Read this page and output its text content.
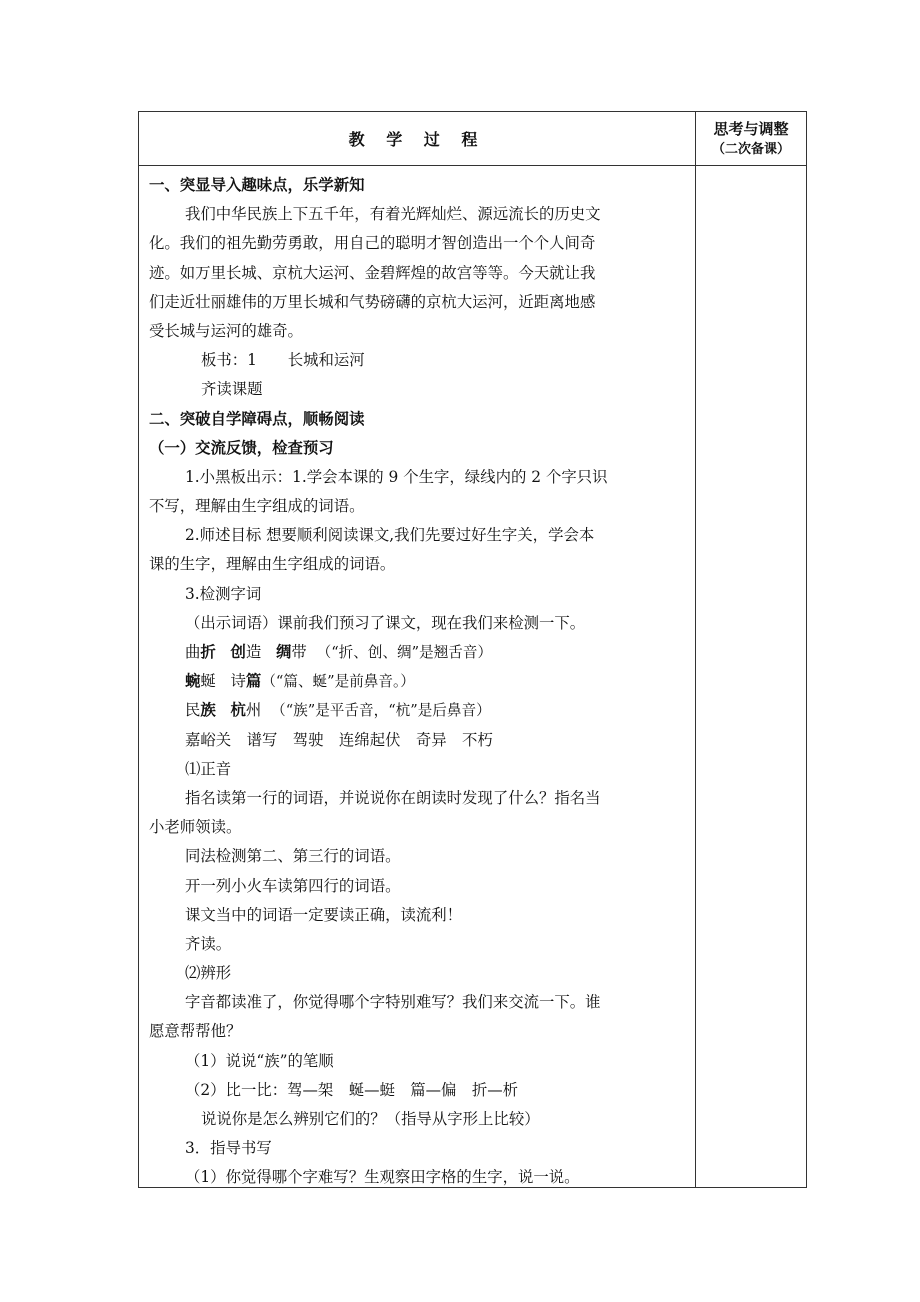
教 学 过 程
思考与调整
（二次备课）
一、突显导入趣味点，乐学新知
我们中华民族上下五千年，有着光辉灿烂、源远流长的历史文
化。我们的祖先勤劳勇敢，用自己的聪明才智创造出一个个人间奇
迹。如万里长城、京杭大运河、金碧辉煌的故宫等等。今天就让我
们走近壮丽雄伟的万里长城和气势磅礴的京杭大运河，近距离地感
受长城与运河的雄奇。
板书：1　　长城和运河
齐读课题
二、突破自学障碍点，顺畅阅读
（一）交流反馈，检查预习
1.小黑板出示：1.学会本课的 9 个生字，绿线内的 2 个字只识
不写，理解由生字组成的词语。
2.师述目标 想要顺利阅读课文,我们先要过好生字关，学会本
课的生字，理解由生字组成的词语。
3.检测字词
（出示词语）课前我们预习了课文，现在我们来检测一下。
曲折 创造 绸带 （“折、创、绸”是翘舌音）
蜿蜒 诗篇（“篇、蜒”是前鼻音。）
民族 杭州 （“族”是平舌音，“杭”是后鼻音）
嘉峪关　谱写　驾驶　连绵起伏　奇异　不朽
⑴正音
指名读第一行的词语，并说说你在朗读时发现了什么？指名当
小老师领读。
同法检测第二、第三行的词语。
开一列小火车读第四行的词语。
课文当中的词语一定要读正确，读流利！
齐读。
⑵辨形
字音都读准了，你觉得哪个字特别难写？我们来交流一下。谁
愿意帮帮他？
（1）说说“族”的笔顺
（2）比一比：驾—架　蜒—蜓　篇—偏　折—析
说说你是怎么辨别它们的？（指导从字形上比较）
3．指导书写
（1）你觉得哪个字难写？生观察田字格的生字，说一说。
